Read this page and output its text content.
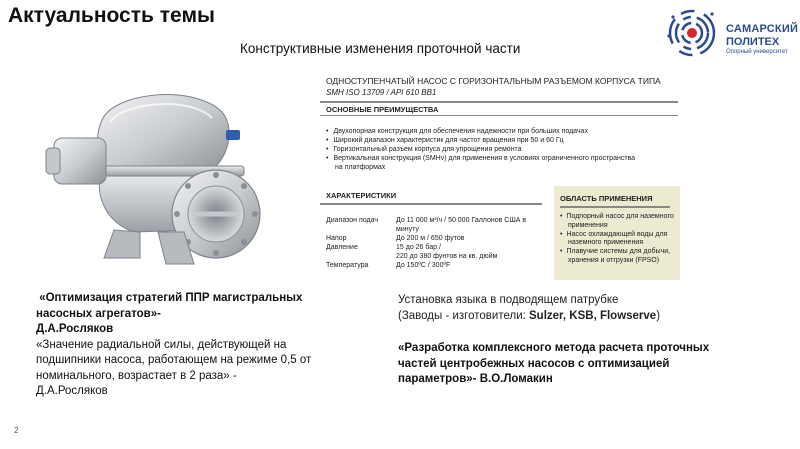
Актуальность темы
САМАРСКИЙ
ПОЛИТЕХ
Опорный университет
Конструктивные изменения проточной части
ОДНОСТУПЕНЧАТЫЙ НАСОС С ГОРИЗОНТАЛЬНЫМ РАЗЪЕМОМ КОРПУСА ТИПА
SMH ISO 13709 / API 610 BB1
ОСНОВНЫЕ ПРЕИМУЩЕСТВА
• Двухопорная конструкция для обеспечения надежности при больших подачах
• Широкий диапазон характеристик для частот вращения при 50 и 60 Гц
• Горизонтальный разъем корпуса для упрощения ремонта
• Вертикальная конструкция (SMHv) для применения в условиях ограниченного пространства
на платформах
ХАРАКТЕРИСТИКИ
Диапазон подач	До 11 000 м³/ч / 50 000 Галлонов США в минуту
Напор	До 200 м / 650 футов
Давление	15 до 26 бар /
220 до 380 фунтов на кв. дюйм
Температура	До 150ºC / 300ºF
ОБЛАСТЬ ПРИМЕНЕНИЯ
• Подпорный насос для наземного применения
• Насос охлаждающей воды для наземного применения
• Плавучие системы для добычи, хранения и отгрузки (FPSO)
«Оптимизация стратегий ППР магистральных насосных агрегатов»-
Д.А.Росляков
«Значение радиальной силы, действующей на подшипники насоса, работающем на режиме 0,5 от номинального, возрастает в 2 раза» -
Д.А.Росляков
Установка языка в подводящем патрубке
(Заводы - изготовители: Sulzer, KSB, Flowserve)
«Разработка комплексного метода расчета проточных частей центробежных насосов с оптимизацией параметров»- В.О.Ломакин
2
